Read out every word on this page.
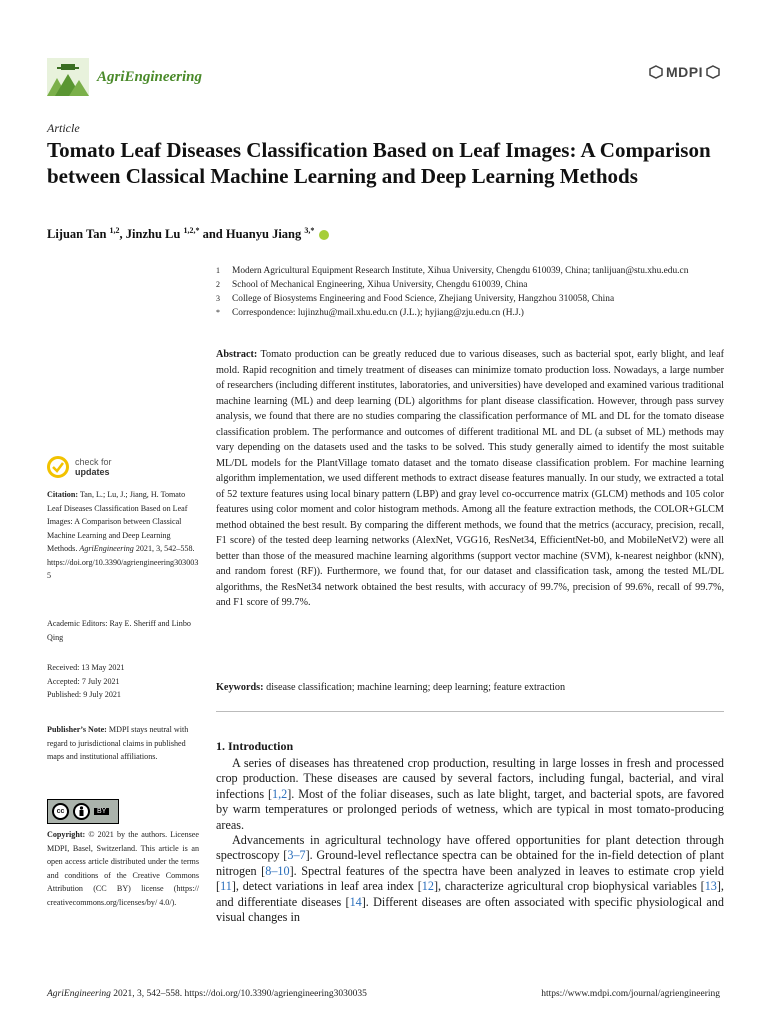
AgriEngineering	MDPI
Article
Tomato Leaf Diseases Classification Based on Leaf Images: A Comparison between Classical Machine Learning and Deep Learning Methods
Lijuan Tan $^{1,2}$, Jinzhu Lu $^{1,2,*}$ and Huanyu Jiang $^{3,*}$
1	Modern Agricultural Equipment Research Institute, Xihua University, Chengdu 610039, China; tanlijuan@stu.xhu.edu.cn
2	School of Mechanical Engineering, Xihua University, Chengdu 610039, China
3	College of Biosystems Engineering and Food Science, Zhejiang University, Hangzhou 310058, China
*	Correspondence: lujinzhu@mail.xhu.edu.cn (J.L.); hyjiang@zju.edu.cn (H.J.)
Abstract: Tomato production can be greatly reduced due to various diseases, such as bacterial spot, early blight, and leaf mold. Rapid recognition and timely treatment of diseases can minimize tomato production loss. Nowadays, a large number of researchers (including different institutes, laboratories, and universities) have developed and examined various traditional machine learning (ML) and deep learning (DL) algorithms for plant disease classification. However, through pass survey analysis, we found that there are no studies comparing the classification performance of ML and DL for the tomato disease classification problem. The performance and outcomes of different traditional ML and DL (a subset of ML) methods may vary depending on the datasets used and the tasks to be solved. This study generally aimed to identify the most suitable ML/DL models for the PlantVillage tomato dataset and the tomato disease classification problem. For machine learning algorithm implementation, we used different methods to extract disease features manually. In our study, we extracted a total of 52 texture features using local binary pattern (LBP) and gray level co-occurrence matrix (GLCM) methods and 105 color features using color moment and color histogram methods. Among all the feature extraction methods, the COLOR+GLCM method obtained the best result. By comparing the different methods, we found that the metrics (accuracy, precision, recall, F1 score) of the tested deep learning networks (AlexNet, VGG16, ResNet34, EfficientNet-b0, and MobileNetV2) were all better than those of the measured machine learning algorithms (support vector machine (SVM), k-nearest neighbor (kNN), and random forest (RF)). Furthermore, we found that, for our dataset and classification task, among the tested ML/DL algorithms, the ResNet34 network obtained the best results, with accuracy of 99.7%, precision of 99.6%, recall of 99.7%, and F1 score of 99.7%.
Keywords: disease classification; machine learning; deep learning; feature extraction
check for
updates
Citation: Tan, L.; Lu, J.; Jiang, H. Tomato Leaf Diseases Classification Based on Leaf Images: A Comparison between Classical Machine Learning and Deep Learning Methods. AgriEngineering 2021, 3, 542–558. https://doi.org/10.3390/agriengineering3030035
Academic Editors: Ray E. Sheriff and Linbo Qing
Received: 13 May 2021
Accepted: 7 July 2021
Published: 9 July 2021
Publisher’s Note: MDPI stays neutral with regard to jurisdictional claims in published maps and institutional affiliations.
cc	BY
Copyright: © 2021 by the authors. Licensee MDPI, Basel, Switzerland. This article is an open access article distributed under the terms and conditions of the Creative Commons Attribution (CC BY) license (https:// creativecommons.org/licenses/by/ 4.0/).
1. Introduction

A series of diseases has threatened crop production, resulting in large losses in fresh and processed crop production. These diseases are caused by several factors, including fungal, bacterial, and viral infections [1,2]. Most of the foliar diseases, such as late blight, target, and bacterial spots, are favored by warm temperatures or prolonged periods of wetness, which are typical in most tomato-producing areas.

Advancements in agricultural technology have offered opportunities for plant detection through spectroscopy [3–7]. Ground-level reflectance spectra can be obtained for the in-field detection of plant nitrogen [8–10]. Spectral features of the spectra have been analyzed in leaves to estimate crop yield [11], detect variations in leaf area index [12], characterize agricultural crop biophysical variables [13], and differentiate diseases [14]. Different diseases are often associated with specific physiological and visual changes in

AgriEngineering 2021, 3, 542–558. https://doi.org/10.3390/agriengineering3030035	https://www.mdpi.com/journal/agriengineering
